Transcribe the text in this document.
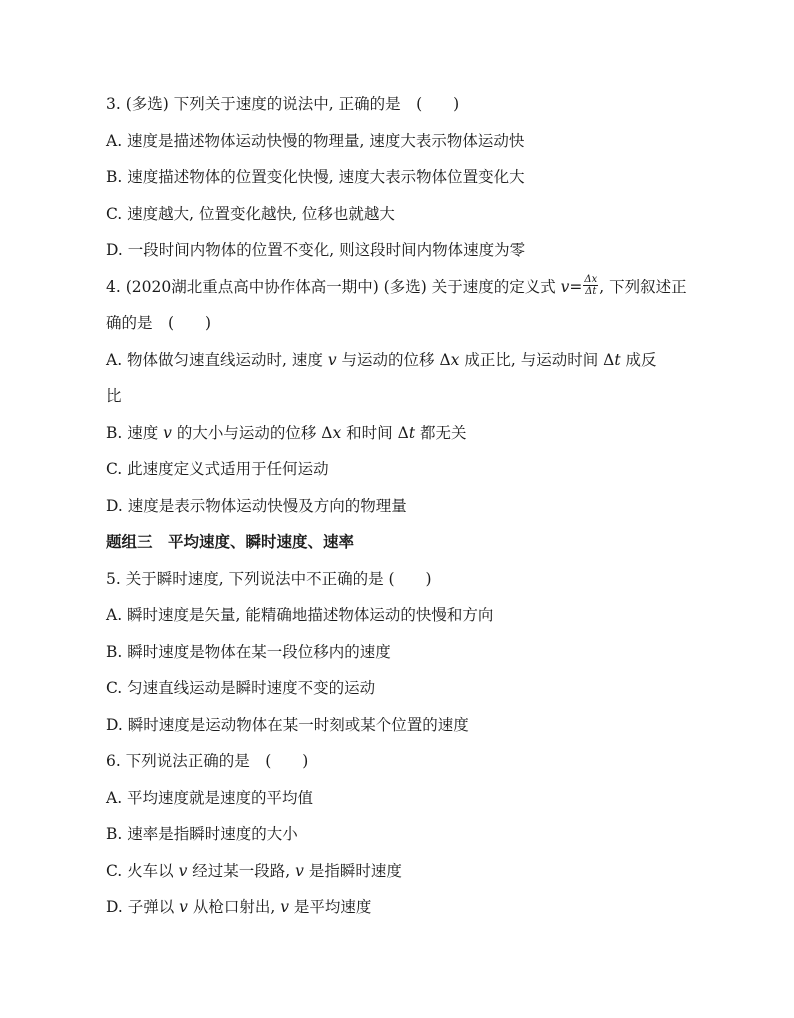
3. (多选) 下列关于速度的说法中, 正确的是　(　　)
A. 速度是描述物体运动快慢的物理量, 速度大表示物体运动快
B. 速度描述物体的位置变化快慢, 速度大表示物体位置变化大
C. 速度越大, 位置变化越快, 位移也就越大
D. 一段时间内物体的位置不变化, 则这段时间内物体速度为零
4. (2020湖北重点高中协作体高一期中) (多选) 关于速度的定义式 $v= \frac{\Delta x}{\Delta t}$ , 下列叙述正
确的是　(　　)
A. 物体做匀速直线运动时, 速度 v 与运动的位移 Δx 成正比, 与运动时间 Δt 成反
比
B. 速度 v 的大小与运动的位移 Δx 和时间 Δt 都无关
C. 此速度定义式适用于任何运动
D. 速度是表示物体运动快慢及方向的物理量
题组三　平均速度、瞬时速度、速率
5. 关于瞬时速度, 下列说法中不正确的是 (　　)
A. 瞬时速度是矢量, 能精确地描述物体运动的快慢和方向
B. 瞬时速度是物体在某一段位移内的速度
C. 匀速直线运动是瞬时速度不变的运动
D. 瞬时速度是运动物体在某一时刻或某个位置的速度
6. 下列说法正确的是　(　　)
A. 平均速度就是速度的平均值
B. 速率是指瞬时速度的大小
C. 火车以 v 经过某一段路, v 是指瞬时速度
D. 子弹以 v 从枪口射出, v 是平均速度
